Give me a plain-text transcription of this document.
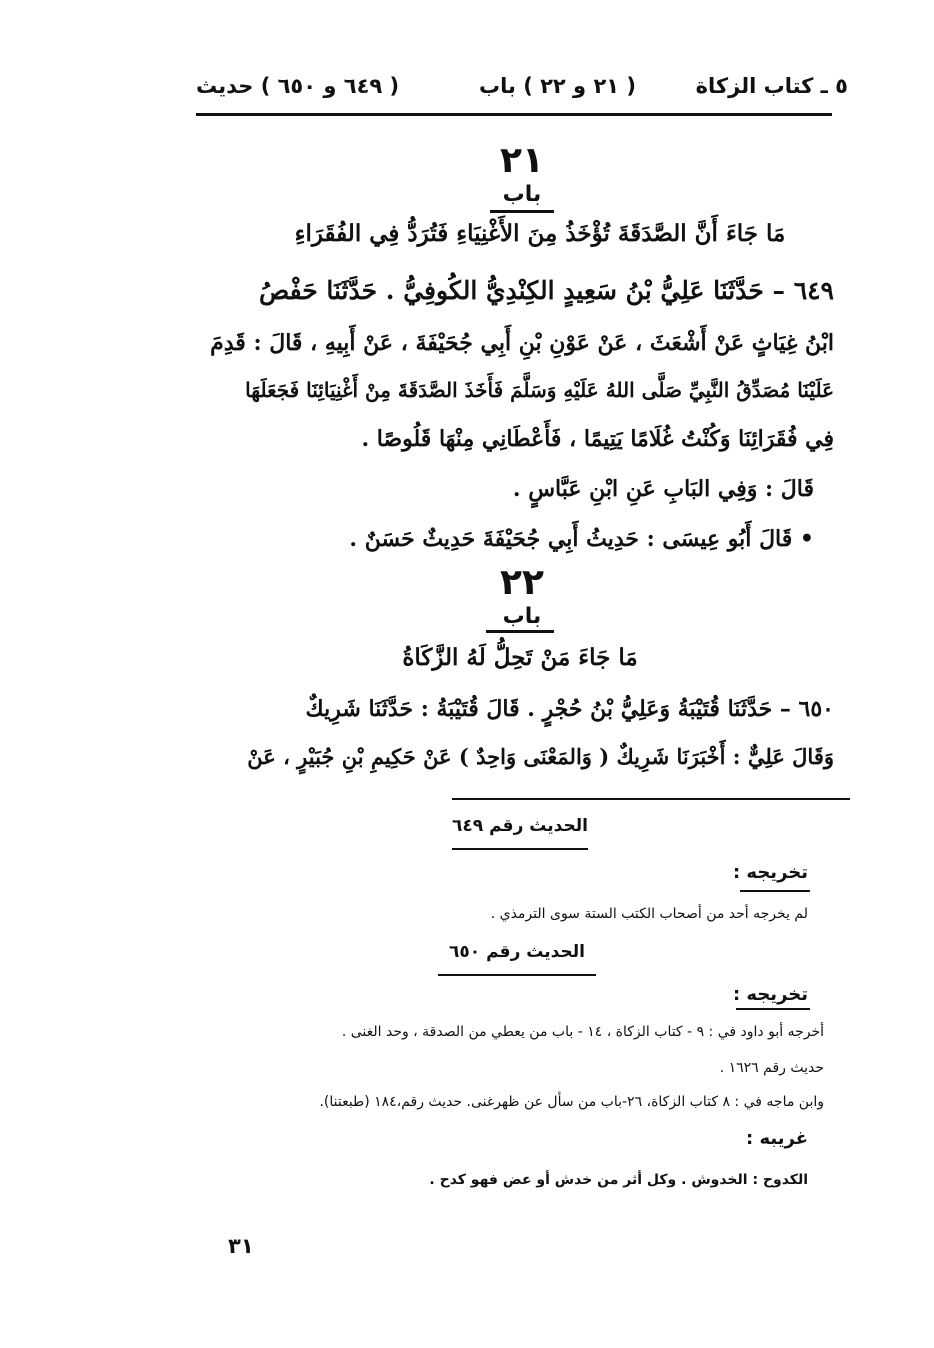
٥ ـ كتاب الزكاة
( ٢١ و ٢٢ ) باب
( ٦٤٩ و ٦٥٠ ) حديث
٢١
باب
مَا جَاءَ أَنَّ الصَّدَقَةَ تُؤْخَذُ مِنَ الأَغْنِيَاءِ فَتُرَدُّ فِي الفُقَرَاءِ
٦٤٩ – حَدَّثَنَا عَلِيُّ بْنُ سَعِيدٍ الكِنْدِيُّ الكُوفِيُّ . حَدَّثَنَا حَفْصُ
ابْنُ غِيَاثٍ عَنْ أَشْعَثَ ، عَنْ عَوْنِ بْنِ أَبِي جُحَيْفَةَ ، عَنْ أَبِيهِ ، قَالَ : قَدِمَ
عَلَيْنَا مُصَدِّقُ النَّبِيِّ صَلَّى اللهُ عَلَيْهِ وَسَلَّمَ فَأَخَذَ الصَّدَقَةَ مِنْ أَغْنِيَائِنَا فَجَعَلَهَا
فِي فُقَرَائِنَا وَكُنْتُ غُلَامًا يَتِيمًا ، فَأَعْطَانِي مِنْهَا قَلُوصًا .
قَالَ : وَفِي البَابِ عَنِ ابْنِ عَبَّاسٍ .
• قَالَ أَبُو عِيسَى : حَدِيثُ أَبِي جُحَيْفَةَ حَدِيثٌ حَسَنٌ .
٢٢
باب
مَا جَاءَ مَنْ تَحِلُّ لَهُ الزَّكَاةُ
٦٥٠ – حَدَّثَنَا قُتَيْبَةُ وَعَلِيُّ بْنُ حُجْرٍ . قَالَ قُتَيْبَةُ : حَدَّثَنَا شَرِيكٌ
وَقَالَ عَلِيٌّ : أَخْبَرَنَا شَرِيكٌ ( وَالمَعْنَى وَاحِدٌ ) عَنْ حَكِيمِ بْنِ جُبَيْرٍ ، عَنْ
الحديث رقم ٦٤٩
تخريجه :
لم يخرجه أحد من أصحاب الكتب الستة سوى الترمذي .
الحديث رقم ٦٥٠
تخريجه :
أخرجه أبو داود في : ٩ - كتاب الزكاة ، ١٤ - باب من يعطي من الصدقة ، وحد الغنى .
حديث رقم ١٦٢٦ .
وابن ماجه في : ٨ كتاب الزكاة، ٢٦-باب من سأل عن ظهرغنى. حديث رقم،١٨٤ (طبعتنا).
غريبه :
الكدوح : الخدوش . وكل أثر من خدش أو عض فهو كدح .
٣١
